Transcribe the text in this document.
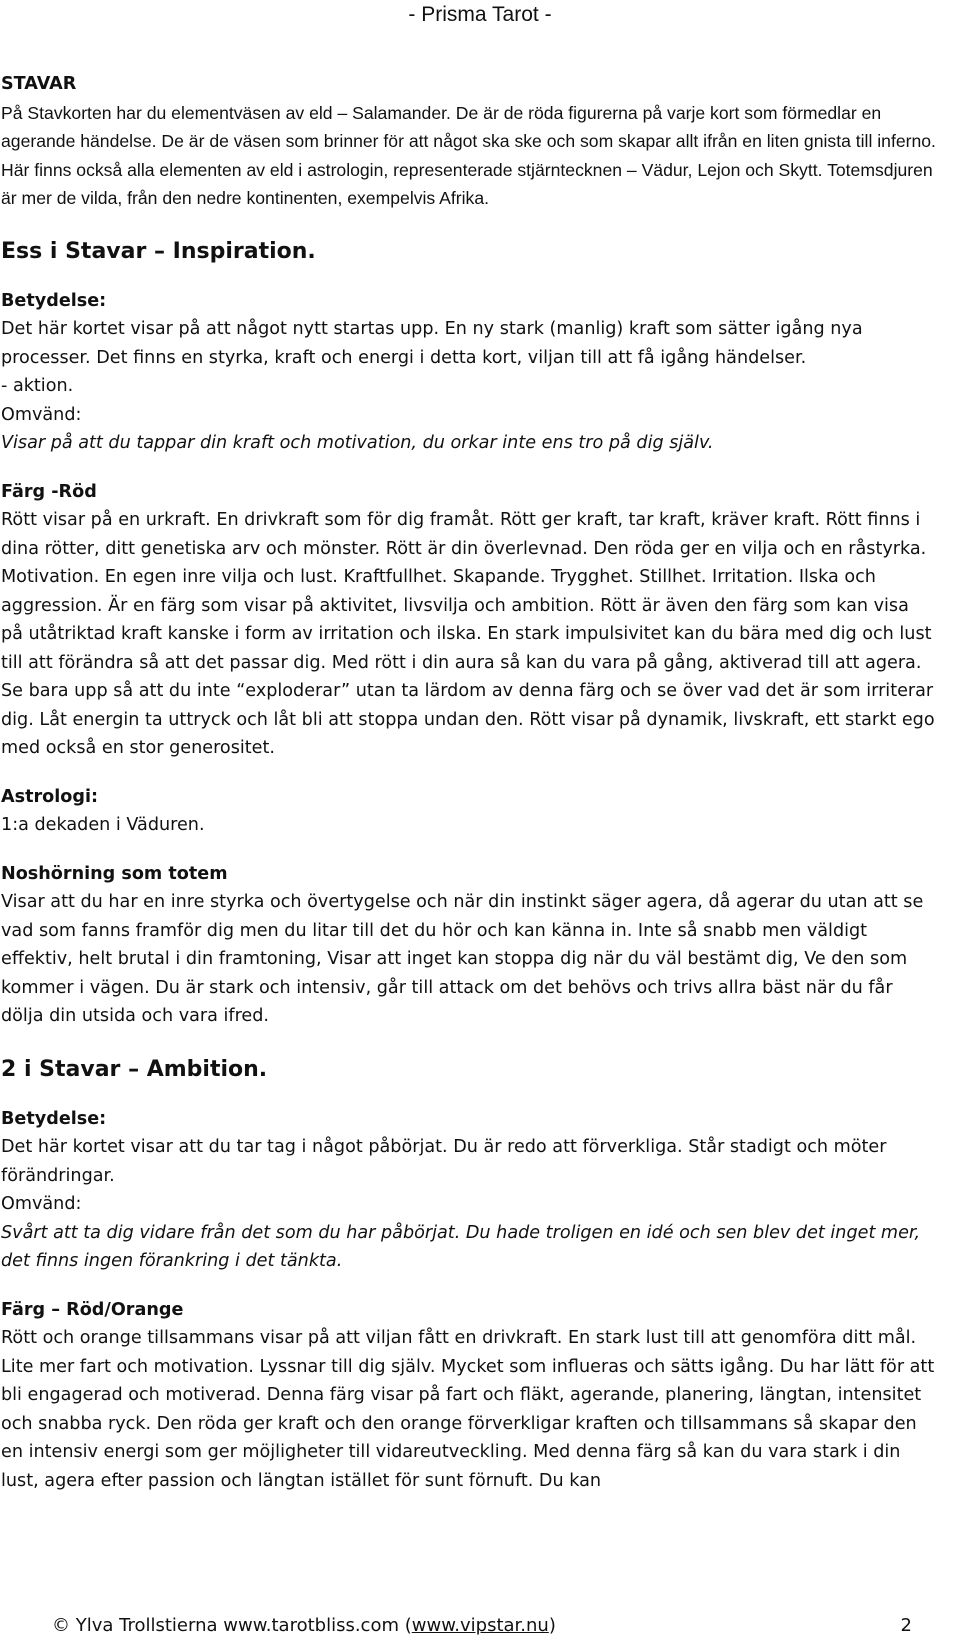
- Prisma Tarot -

STAVAR

På Stavkorten har du elementväsen av eld – Salamander. De är de röda figurerna på varje kort som förmedlar en agerande händelse. De är de väsen som brinner för att något ska ske och som skapar allt ifrån en liten gnista till inferno. Här finns också alla elementen av eld i astrologin, representerade stjärntecknen – Vädur, Lejon och Skytt. Totemsdjuren är mer de vilda, från den nedre kontinenten, exempelvis Afrika.

Ess i Stavar – Inspiration.

Betydelse:

Det här kortet visar på att något nytt startas upp. En ny stark (manlig) kraft som sätter igång nya processer. Det finns en styrka, kraft och energi i detta kort, viljan till att få igång händelser.

- aktion.

Omvänd:

Visar på att du tappar din kraft och motivation, du orkar inte ens tro på dig själv.

Färg -Röd

Rött visar på en urkraft. En drivkraft som för dig framåt. Rött ger kraft, tar kraft, kräver kraft. Rött finns i dina rötter, ditt genetiska arv och mönster. Rött är din överlevnad. Den röda ger en vilja och en råstyrka. Motivation. En egen inre vilja och lust. Kraftfullhet. Skapande. Trygghet. Stillhet. Irritation. Ilska och aggression. Är en färg som visar på aktivitet, livsvilja och ambition. Rött är även den färg som kan visa på utåtriktad kraft kanske i form av irritation och ilska. En stark impulsivitet kan du bära med dig och lust till att förändra så att det passar dig. Med rött i din aura så kan du vara på gång, aktiverad till att agera. Se bara upp så att du inte “exploderar” utan ta lärdom av denna färg och se över vad det är som irriterar dig. Låt energin ta uttryck och låt bli att stoppa undan den. Rött visar på dynamik, livskraft, ett starkt ego med också en stor generositet.

Astrologi:

1:a dekaden i Väduren.

Noshörning som totem

Visar att du har en inre styrka och övertygelse och när din instinkt säger agera, då agerar du utan att se vad som fanns framför dig men du litar till det du hör och kan känna in. Inte så snabb men väldigt effektiv, helt brutal i din framtoning, Visar att inget kan stoppa dig när du väl bestämt dig, Ve den som kommer i vägen. Du är stark och intensiv, går till attack om det behövs och trivs allra bäst när du får dölja din utsida och vara ifred.

2 i Stavar – Ambition.

Betydelse:

Det här kortet visar att du tar tag i något påbörjat. Du är redo att förverkliga. Står stadigt och möter förändringar.

Omvänd:

Svårt att ta dig vidare från det som du har påbörjat. Du hade troligen en idé och sen blev det inget mer, det finns ingen förankring i det tänkta.

Färg – Röd/Orange

Rött och orange tillsammans visar på att viljan fått en drivkraft. En stark lust till att genomföra ditt mål. Lite mer fart och motivation. Lyssnar till dig själv. Mycket som influeras och sätts igång. Du har lätt för att bli engagerad och motiverad. Denna färg visar på fart och fläkt, agerande, planering, längtan, intensitet och snabba ryck. Den röda ger kraft och den orange förverkligar kraften och tillsammans så skapar den en intensiv energi som ger möjligheter till vidareutveckling. Med denna färg så kan du vara stark i din lust, agera efter passion och längtan istället för sunt förnuft. Du kan

© Ylva Trollstierna www.tarotbliss.com (www.vipstar.nu)	2
